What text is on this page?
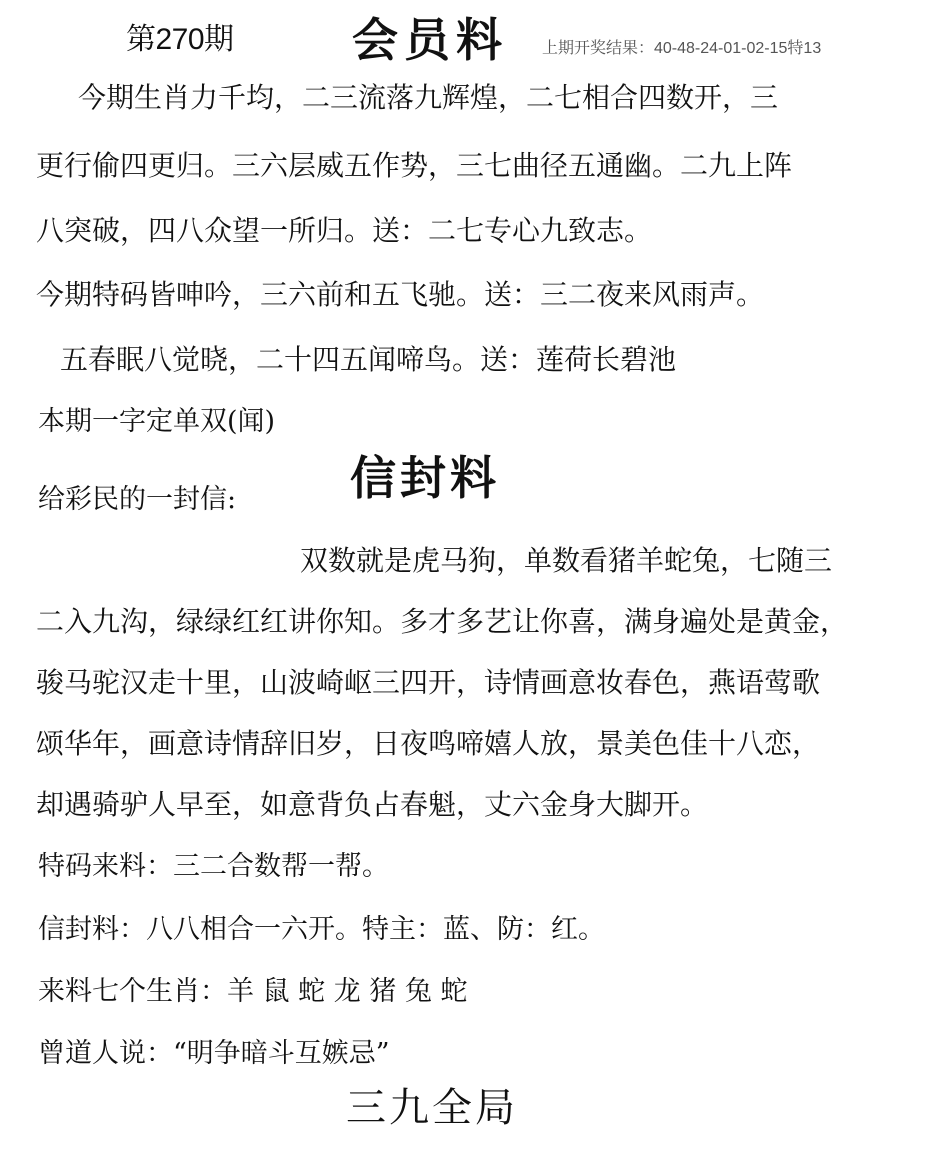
第270期	会员料 上期开奖结果：40-48-24-01-02-15特13
今期生肖力千均，二三流落九辉煌，二七相合四数开，三
更行偷四更归。三六层威五作势，三七曲径五通幽。二九上阵
八突破，四八众望一所归。送：二七专心九致志。
今期特码皆呻吟，三六前和五飞驰。送：三二夜来风雨声。
五春眠八觉晓，二十四五闻啼鸟。送：莲荷长碧池
本期一字定单双(闻)
给彩民的一封信: 信封料
双数就是虎马狗，单数看猪羊蛇兔，七随三
二入九沟，绿绿红红讲你知。多才多艺让你喜，满身遍处是黄金，
骏马驼汉走十里，山波崎岖三四开，诗情画意妆春色，燕语莺歌
颂华年，画意诗情辞旧岁，日夜鸣啼嬉人放，景美色佳十八恋，
却遇骑驴人早至，如意背负占春魁，丈六金身大脚开。
特码来料：三二合数帮一帮。
信封料：八八相合一六开。特主：蓝、防：红。
来料七个生肖：羊 鼠 蛇 龙 猪 兔 蛇
曾道人说：“明争暗斗互嫉忌”
三九全局
